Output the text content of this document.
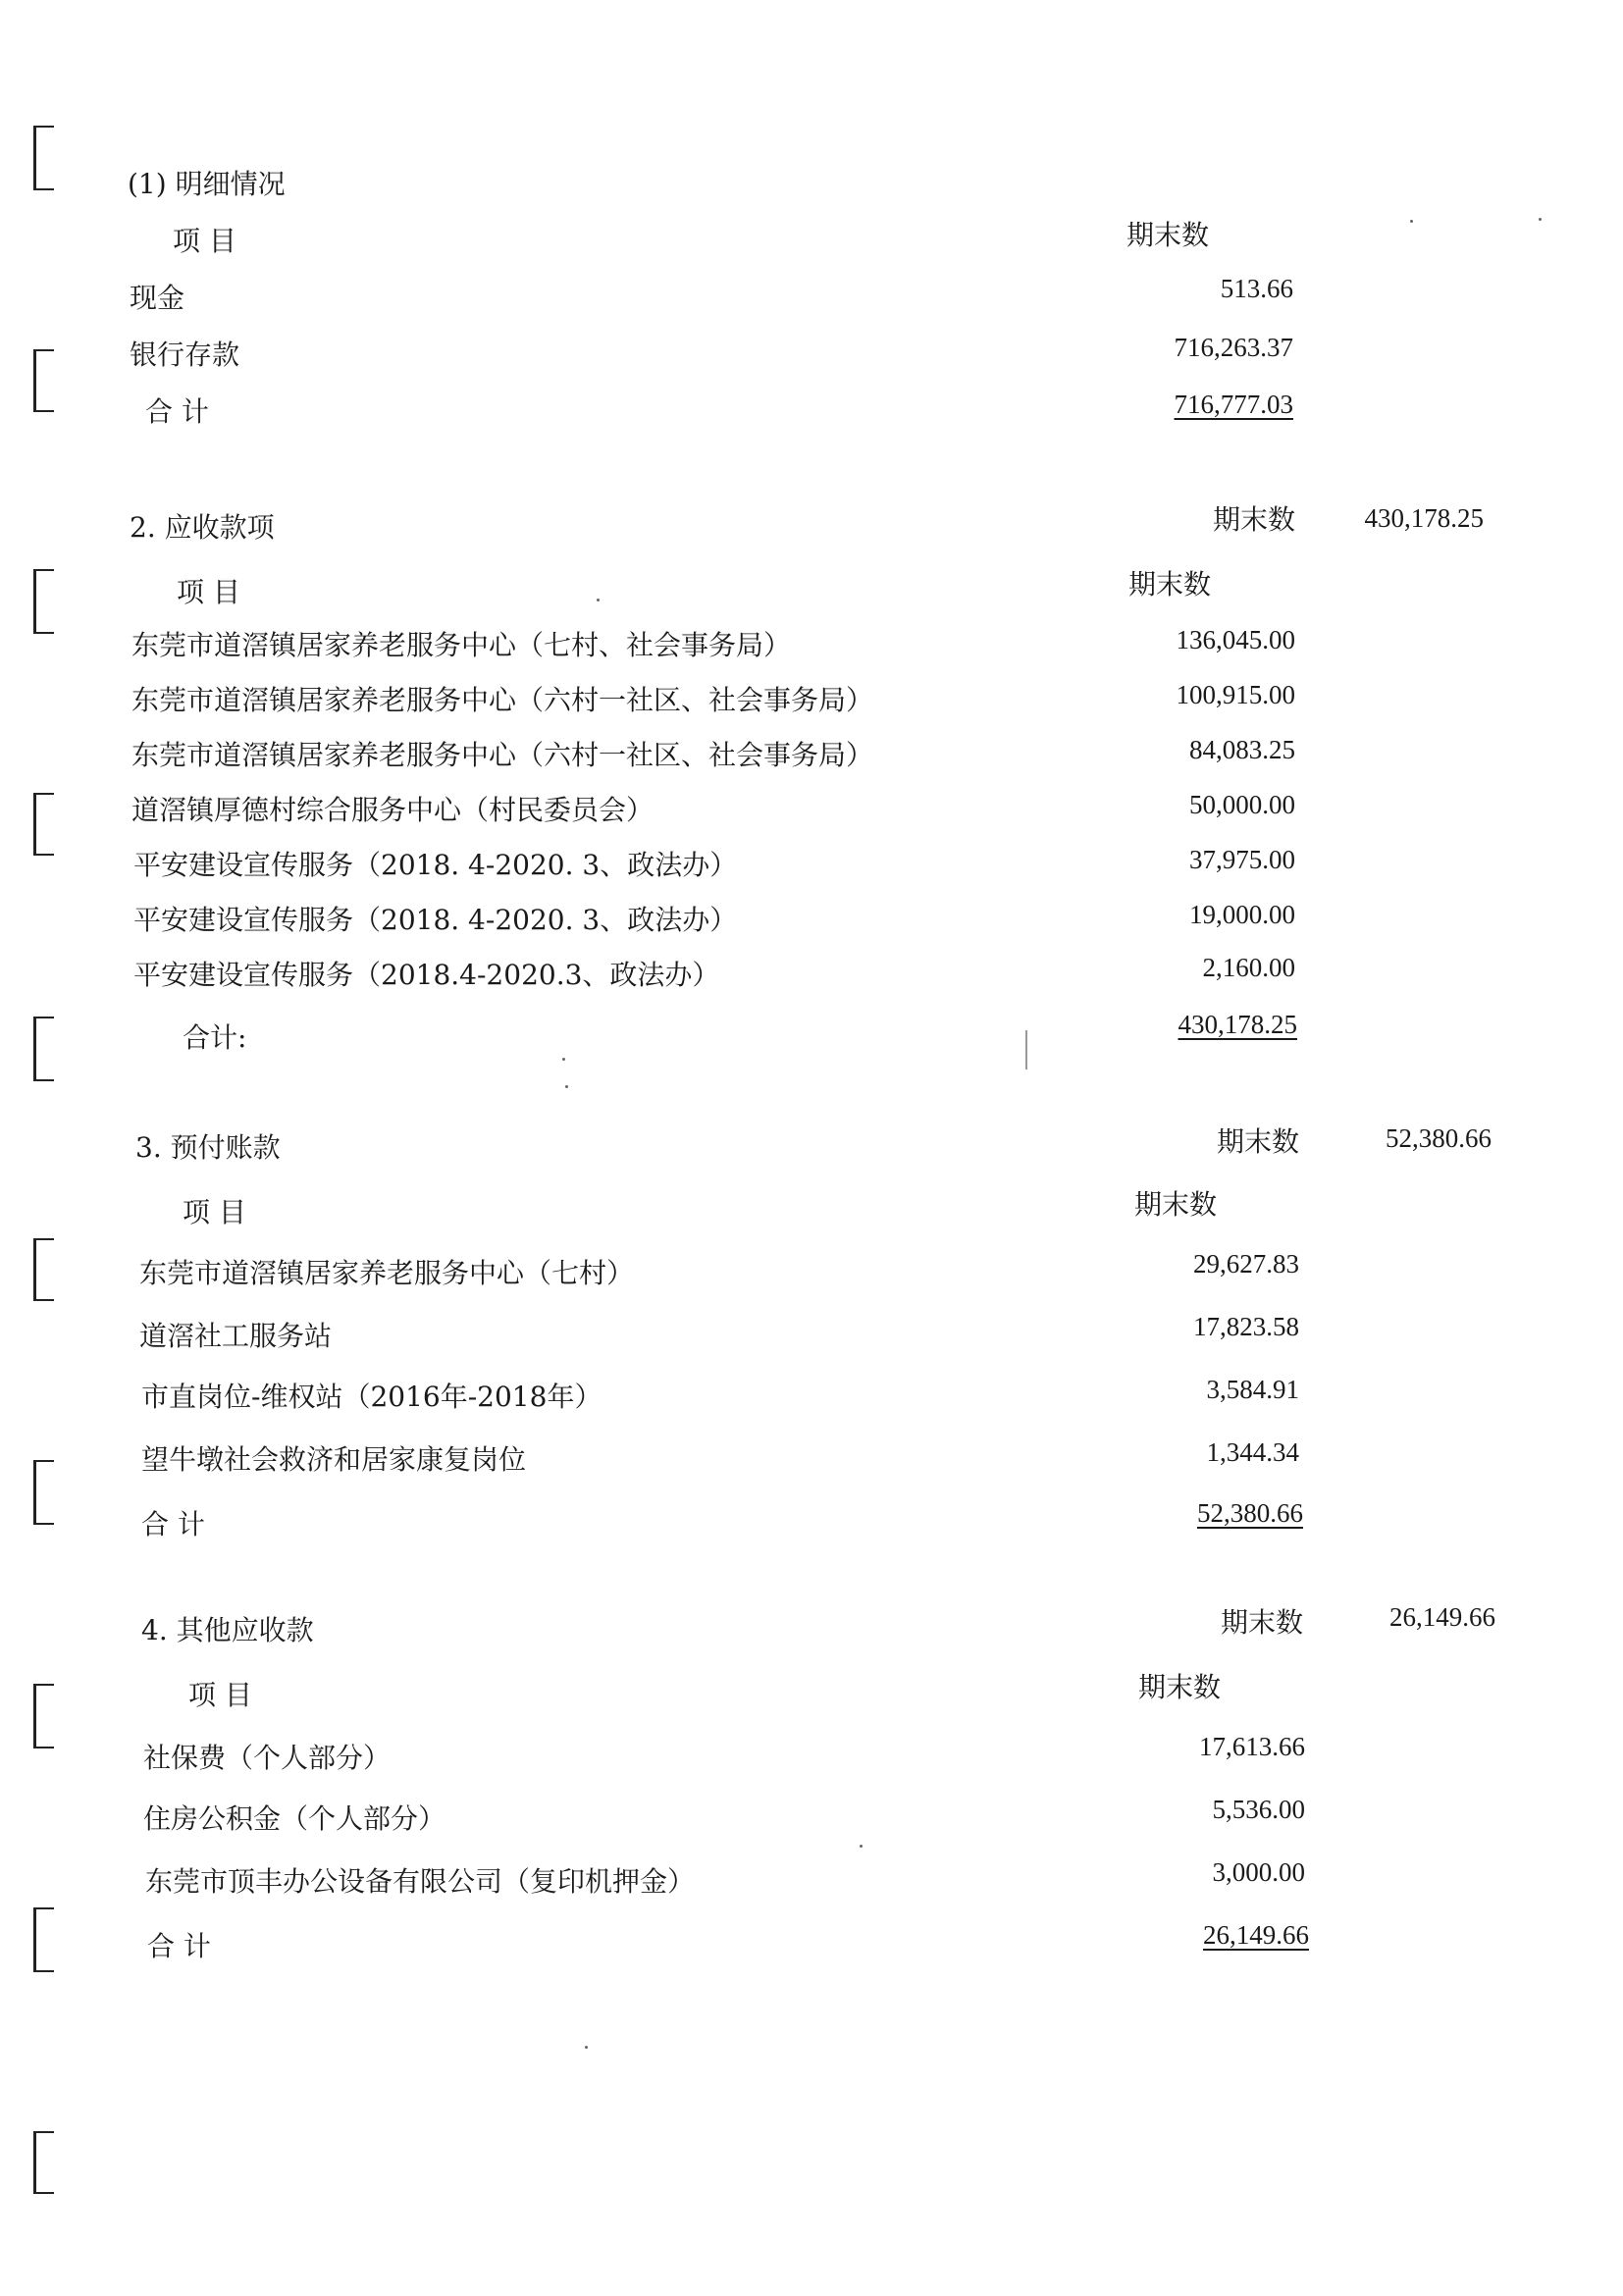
(1) 明细情况
项 目	期末数
现金	513.66
银行存款	716,263.37
合 计	716,777.03
2. 应收款项	期末数	430,178.25
项 目	期末数
东莞市道滘镇居家养老服务中心（七村、社会事务局）	136,045.00
东莞市道滘镇居家养老服务中心（六村一社区、社会事务局）	100,915.00
东莞市道滘镇居家养老服务中心（六村一社区、社会事务局）	84,083.25
道滘镇厚德村综合服务中心（村民委员会）	50,000.00
平安建设宣传服务（2018. 4-2020. 3、政法办）	37,975.00
平安建设宣传服务（2018. 4-2020. 3、政法办）	19,000.00
平安建设宣传服务（2018.4-2020.3、政法办）	2,160.00
合计:	430,178.25
3. 预付账款	期末数	52,380.66
项 目	期末数
东莞市道滘镇居家养老服务中心（七村）	29,627.83
道滘社工服务站	17,823.58
市直岗位-维权站（2016年-2018年）	3,584.91
望牛墩社会救济和居家康复岗位	1,344.34
合 计	52,380.66
4. 其他应收款	期末数	26,149.66
项 目	期末数
社保费（个人部分）	17,613.66
住房公积金（个人部分）	5,536.00
东莞市顶丰办公设备有限公司（复印机押金）	3,000.00
合 计	26,149.66
